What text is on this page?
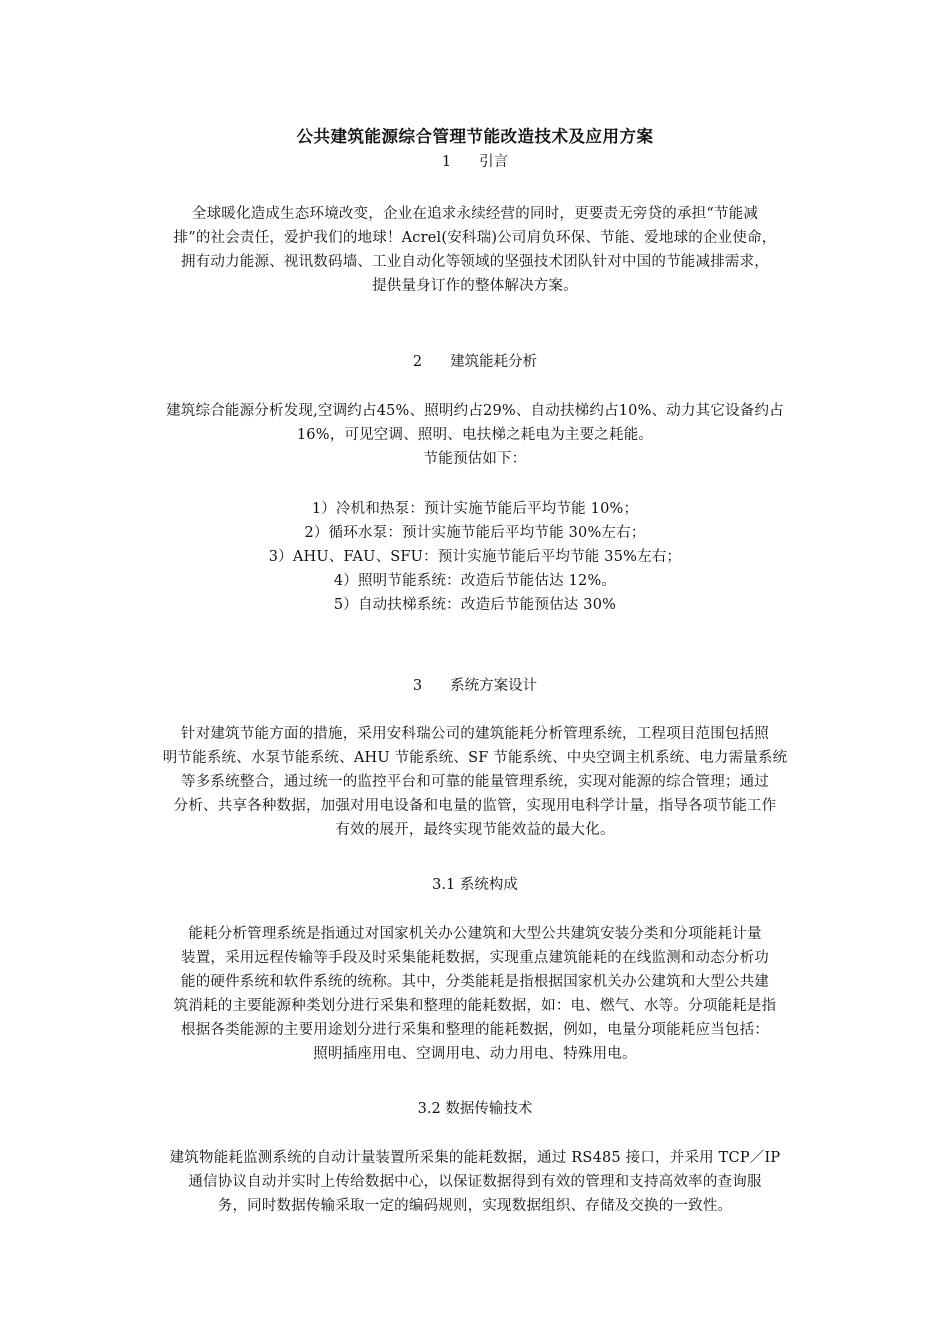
公共建筑能源综合管理节能改造技术及应用方案
1 引言
全球暖化造成生态环境改变，企业在追求永续经营的同时，更要责无旁贷的承担“节能减
排”的社会责任，爱护我们的地球！Acrel(安科瑞)公司肩负环保、节能、爱地球的企业使命，
拥有动力能源、视讯数码墙、工业自动化等领域的坚强技术团队针对中国的节能减排需求，
提供量身订作的整体解决方案。
2 建筑能耗分析
建筑综合能源分析发现,空调约占45%、照明约占29%、自动扶梯约占10%、动力其它设备约占
16%，可见空调、照明、电扶梯之耗电为主要之耗能。
节能预估如下：
1）冷机和热泵：预计实施节能后平均节能 10%；
2）循环水泵：预计实施节能后平均节能 30%左右；
3）AHU、FAU、SFU：预计实施节能后平均节能 35%左右；
4）照明节能系统：改造后节能估达 12%。
5）自动扶梯系统：改造后节能预估达 30%
3 系统方案设计
针对建筑节能方面的措施，采用安科瑞公司的建筑能耗分析管理系统，工程项目范围包括照
明节能系统、水泵节能系统、AHU 节能系统、SF 节能系统、中央空调主机系统、电力需量系统
等多系统整合，通过统一的监控平台和可靠的能量管理系统，实现对能源的综合管理；通过
分析、共享各种数据，加强对用电设备和电量的监管，实现用电科学计量，指导各项节能工作
有效的展开，最终实现节能效益的最大化。
3.1 系统构成
能耗分析管理系统是指通过对国家机关办公建筑和大型公共建筑安装分类和分项能耗计量
装置，采用远程传输等手段及时采集能耗数据，实现重点建筑能耗的在线监测和动态分析功
能的硬件系统和软件系统的统称。其中，分类能耗是指根据国家机关办公建筑和大型公共建
筑消耗的主要能源种类划分进行采集和整理的能耗数据，如：电、燃气、水等。分项能耗是指
根据各类能源的主要用途划分进行采集和整理的能耗数据，例如，电量分项能耗应当包括：
照明插座用电、空调用电、动力用电、特殊用电。
3.2 数据传输技术
建筑物能耗监测系统的自动计量装置所采集的能耗数据，通过 RS485 接口，并采用 TCP／IP
通信协议自动并实时上传给数据中心，以保证数据得到有效的管理和支持高效率的查询服
务，同时数据传输采取一定的编码规则，实现数据组织、存储及交换的一致性。
